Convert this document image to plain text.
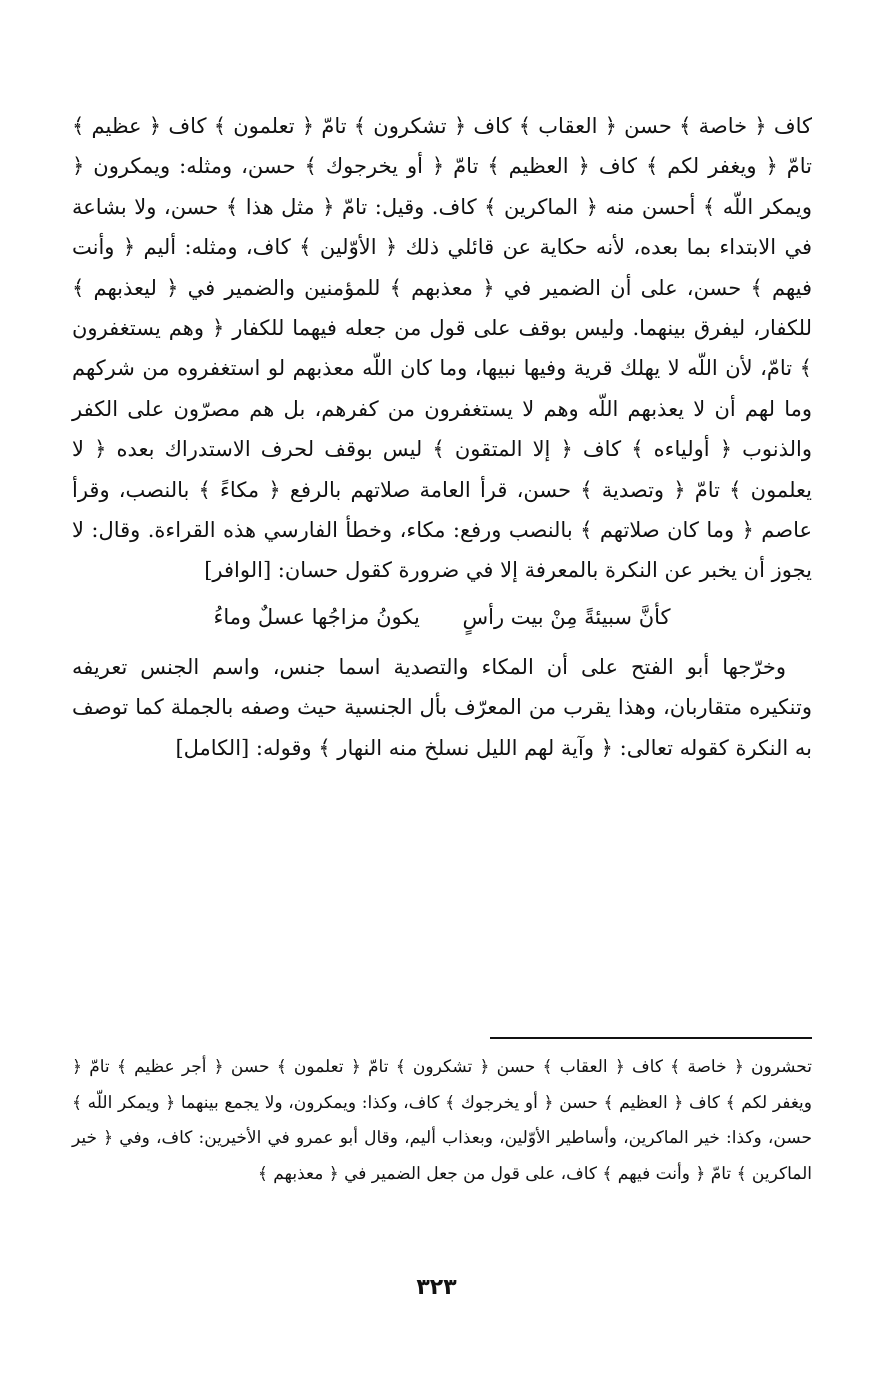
كاف ﴿ خاصة ﴾ حسن ﴿ العقاب ﴾ كاف ﴿ تشكرون ﴾ تامّ ﴿ تعلمون ﴾ كاف ﴿ عظيم ﴾ تامّ ﴿ ويغفر لكم ﴾ كاف ﴿ العظيم ﴾ تامّ ﴿ أو يخرجوك ﴾ حسن، ومثله: ويمكرون ﴿ ويمكر اللّه ﴾ أحسن منه ﴿ الماكرين ﴾ كاف. وقيل: تامّ ﴿ مثل هذا ﴾ حسن، ولا بشاعة في الابتداء بما بعده، لأنه حكاية عن قائلي ذلك ﴿ الأوّلين ﴾ كاف، ومثله: أليم ﴿ وأنت فيهم ﴾ حسن، على أن الضمير في ﴿ معذبهم ﴾ للمؤمنين والضمير في ﴿ ليعذبهم ﴾ للكفار، ليفرق بينهما. وليس بوقف على قول من جعله فيهما للكفار ﴿ وهم يستغفرون ﴾ تامّ، لأن اللّه لا يهلك قرية وفيها نبيها، وما كان اللّه معذبهم لو استغفروه من شركهم وما لهم أن لا يعذبهم اللّه وهم لا يستغفرون من كفرهم، بل هم مصرّون على الكفر والذنوب ﴿ أولياءه ﴾ كاف ﴿ إلا المتقون ﴾ ليس بوقف لحرف الاستدراك بعده ﴿ لا يعلمون ﴾ تامّ ﴿ وتصدية ﴾ حسن، قرأ العامة صلاتهم بالرفع ﴿ مكاءً ﴾ بالنصب، وقرأ عاصم ﴿ وما كان صلاتهم ﴾ بالنصب ورفع: مكاء، وخطأ الفارسي هذه القراءة. وقال: لا يجوز أن يخبر عن النكرة بالمعرفة إلا في ضرورة كقول حسان: [الوافر]

كأنَّ سبيئةً مِنْ بيت رأسٍ يكونُ مزاجُها عسلٌ وماءُ

وخرّجها أبو الفتح على أن المكاء والتصدية اسما جنس، واسم الجنس تعريفه وتنكيره متقاربان، وهذا يقرب من المعرّف بأل الجنسية حيث وصفه بالجملة كما توصف به النكرة كقوله تعالى: ﴿ وآية لهم الليل نسلخ منه النهار ﴾ وقوله: [الكامل]

تحشرون ﴿ خاصة ﴾ كاف ﴿ العقاب ﴾ حسن ﴿ تشكرون ﴾ تامّ ﴿ تعلمون ﴾ حسن ﴿ أجر عظيم ﴾ تامّ ﴿ ويغفر لكم ﴾ كاف ﴿ العظيم ﴾ حسن ﴿ أو يخرجوك ﴾ كاف، وكذا: ويمكرون، ولا يجمع بينهما ﴿ ويمكر اللّه ﴾ حسن، وكذا: خير الماكرين، وأساطير الأوّلين، وبعذاب أليم، وقال أبو عمرو في الأخيرين: كاف، وفي ﴿ خير الماكرين ﴾ تامّ ﴿ وأنت فيهم ﴾ كاف، على قول من جعل الضمير في ﴿ معذبهم ﴾

٣٢٣
